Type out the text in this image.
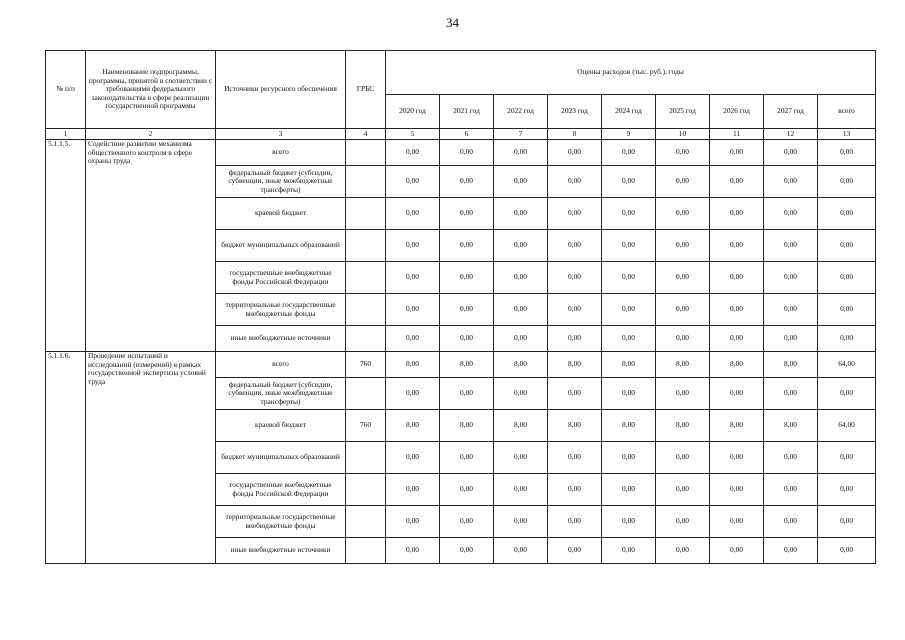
34
№ п/п	Наименование подпрограммы, программы, принятой в соответствии с требованиями федерального законодательства в сфере реализации государственной программы	Источники ресурсного обеспечения	ГРБС	Оценка расходов (тыс. руб.), годы								
				2020 год	2021 год	2022 год	2023 год	2024 год	2025 год	2026 год	2027 год	всего
1	2	3	4	5	6	7	8	9	10	11	12	13
5.1.1.5.	Содействие развитию механизма общественного контроля в сфере охраны труда	всего		0,00	0,00	0,00	0,00	0,00	0,00	0,00	0,00	0,00
		федеральный бюджет (субсидии, субвенции, иные межбюджетные трансферты)		0,00	0,00	0,00	0,00	0,00	0,00	0,00	0,00	0,00
		краевой бюджет		0,00	0,00	0,00	0,00	0,00	0,00	0,00	0,00	0,00
		бюджет муниципальных образований		0,00	0,00	0,00	0,00	0,00	0,00	0,00	0,00	0,00
		государственные внебюджетные фонды Российской Федерации		0,00	0,00	0,00	0,00	0,00	0,00	0,00	0,00	0,00
		территориальные государственные внебюджетные фонды		0,00	0,00	0,00	0,00	0,00	0,00	0,00	0,00	0,00
		иные внебюджетные источники		0,00	0,00	0,00	0,00	0,00	0,00	0,00	0,00	0,00
5.1.1.6.	Проведение испытаний и исследований (измерений) в рамках государственной экспертизы условий труда	всего	760	8,00	8,00	8,00	8,00	8,00	8,00	8,00	8,00	64,00
		федеральный бюджет (субсидии, субвенции, иные межбюджетные трансферты)		0,00	0,00	0,00	0,00	0,00	0,00	0,00	0,00	0,00
		краевой бюджет	760	8,00	8,00	8,00	8,00	8,00	8,00	8,00	8,00	64,00
		бюджет муниципальных образований		0,00	0,00	0,00	0,00	0,00	0,00	0,00	0,00	0,00
		государственные внебюджетные фонды Российской Федерации		0,00	0,00	0,00	0,00	0,00	0,00	0,00	0,00	0,00
		территориальные государственные внебюджетные фонды		0,00	0,00	0,00	0,00	0,00	0,00	0,00	0,00	0,00
		иные внебюджетные источники		0,00	0,00	0,00	0,00	0,00	0,00	0,00	0,00	0,00
